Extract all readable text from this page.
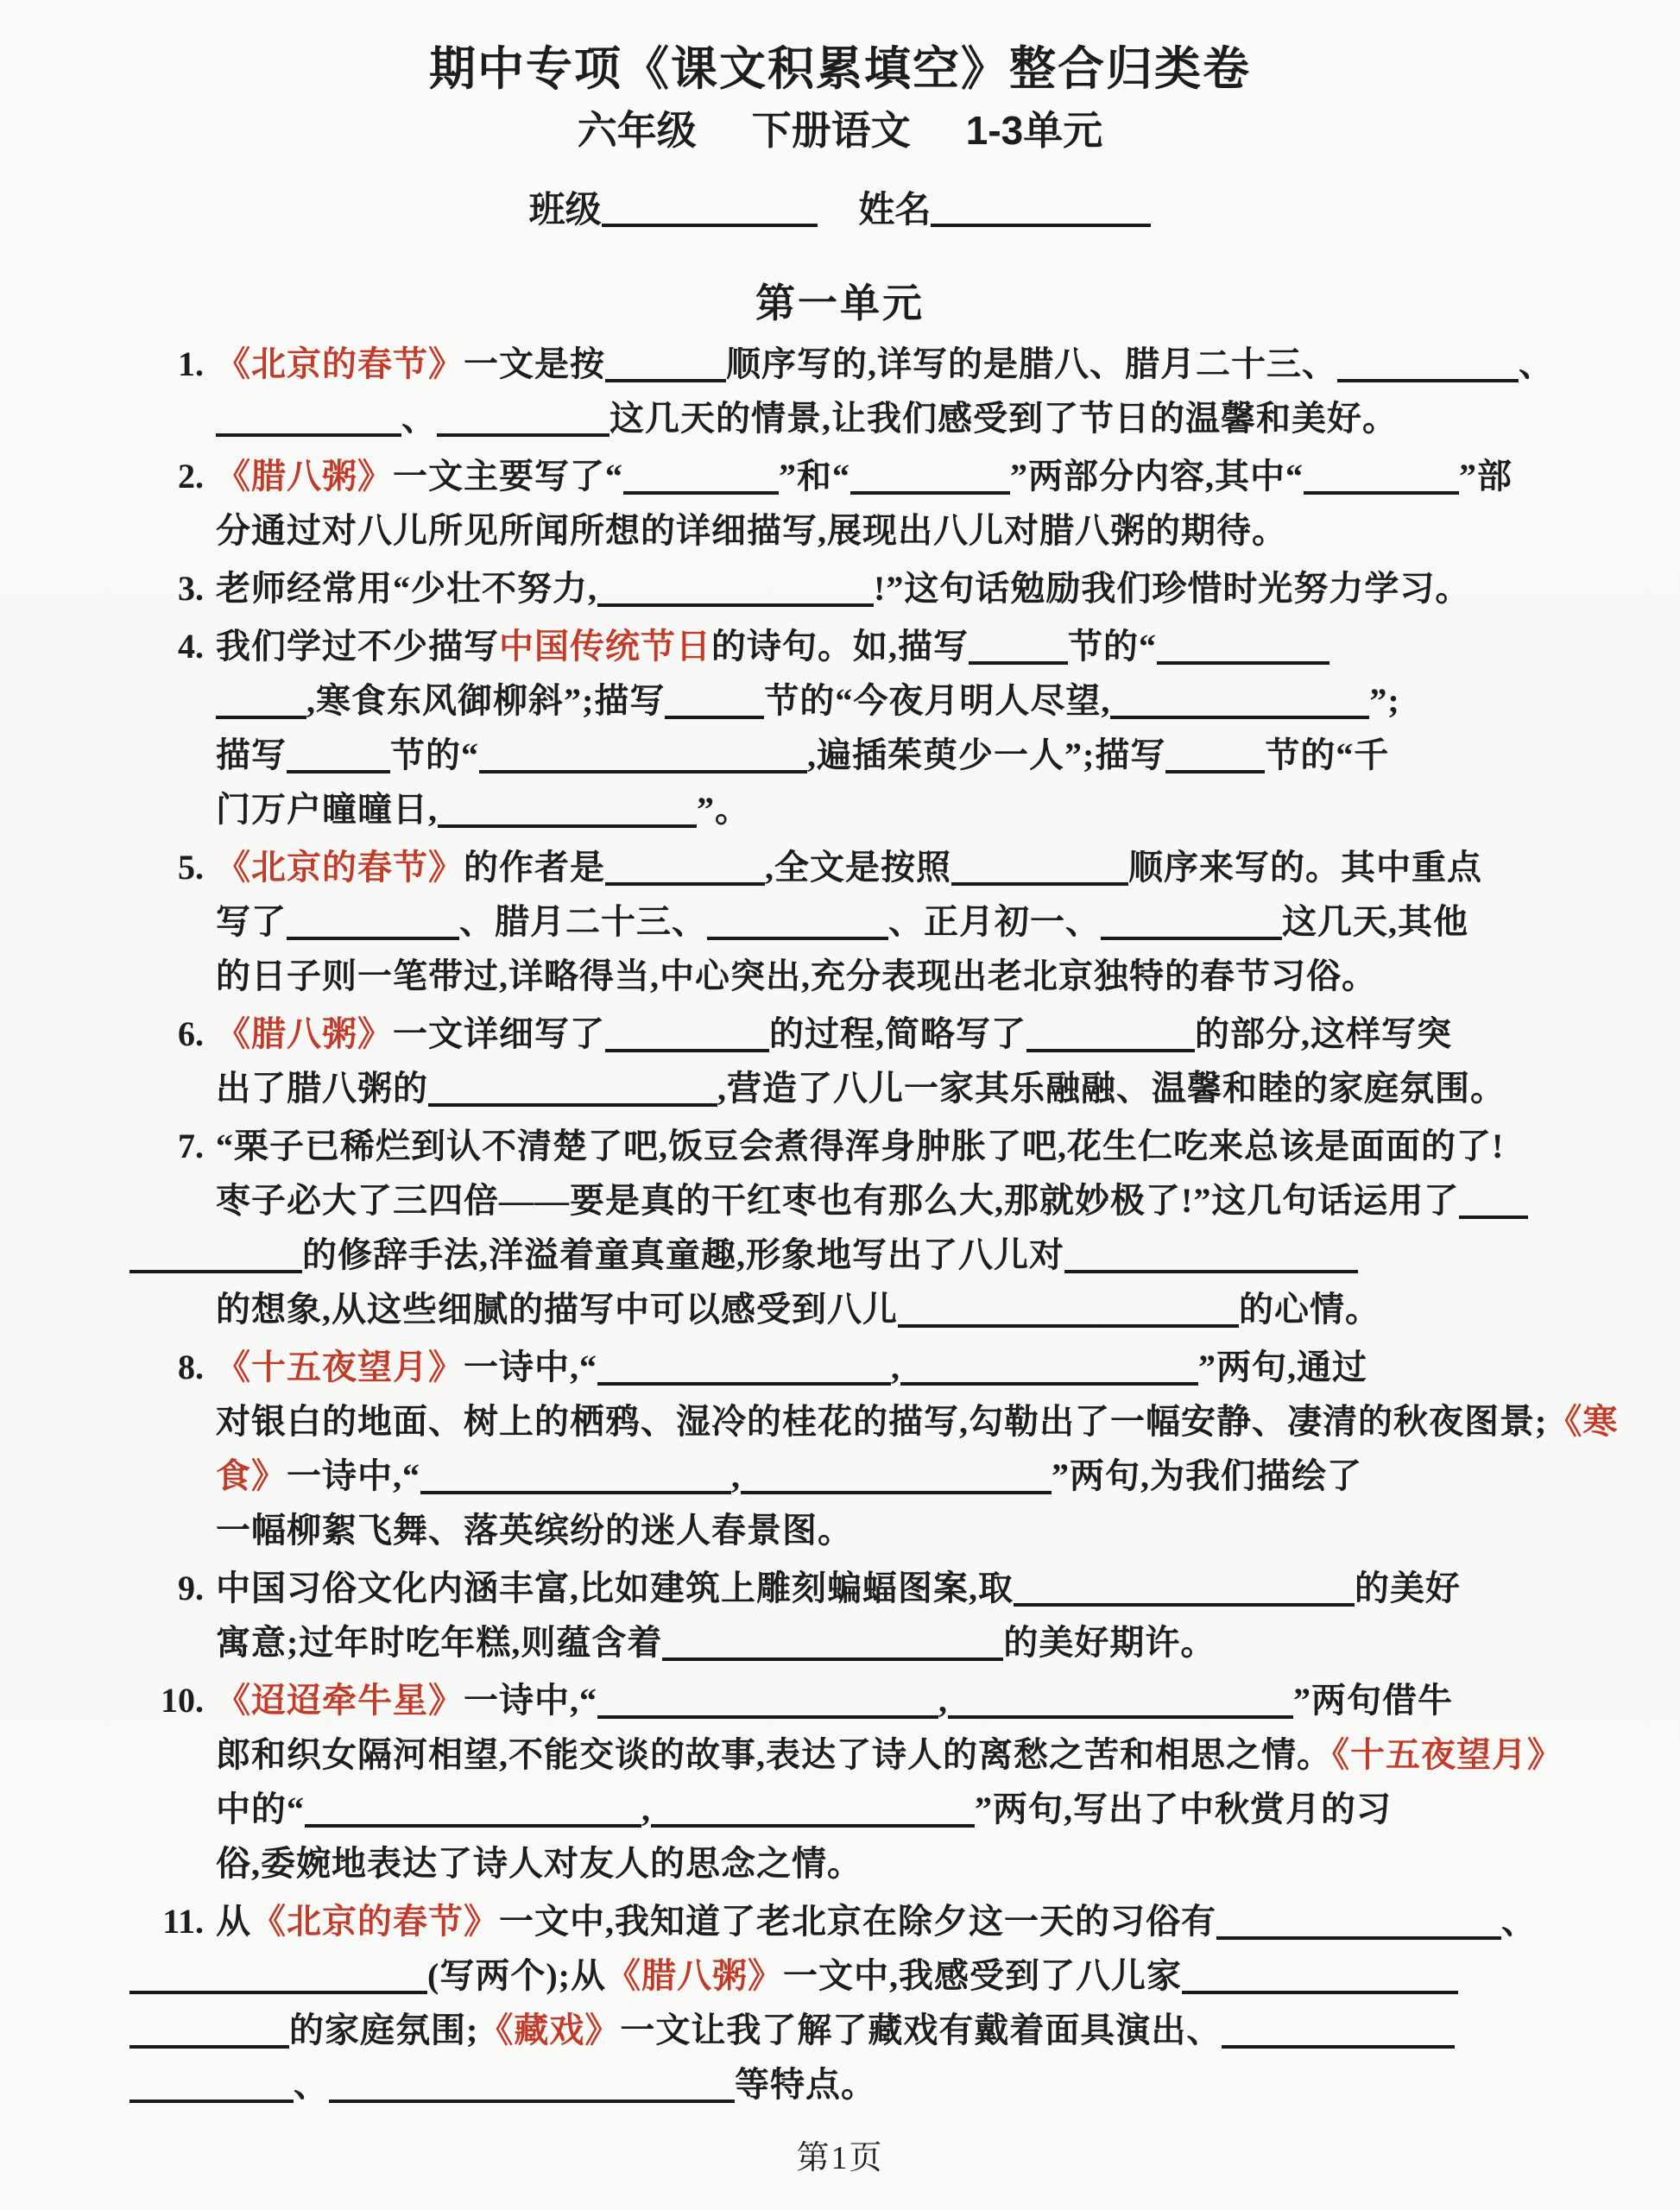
期中专项《课文积累填空》整合归类卷
六年级 下册语文 1-3单元
班级	姓名
第一单元
1. 《北京的春节》一文是按	顺序写的,详写的是腊八、腊月二十三、	、
、	这几天的情景,让我们感受到了节日的温馨和美好。
2. 《腊八粥》一文主要写了“	”和“	”两部分内容,其中“	”部
分通过对八儿所见所闻所想的详细描写,展现出八儿对腊八粥的期待。
3. 老师经常用“少壮不努力,	!”这句话勉励我们珍惜时光努力学习。
4. 我们学过不少描写中国传统节日的诗句。如,描写	节的“
,寒食东风御柳斜”;描写	节的“今夜月明人尽望,	”;
描写	节的“	,遍插茱萸少一人”;描写	节的“千
门万户曈曈日,	”。
5. 《北京的春节》的作者是	,全文是按照	顺序来写的。其中重点
写了	、腊月二十三、	、正月初一、	这几天,其他
的日子则一笔带过,详略得当,中心突出,充分表现出老北京独特的春节习俗。
6. 《腊八粥》一文详细写了	的过程,简略写了	的部分,这样写突
出了腊八粥的	,营造了八儿一家其乐融融、温馨和睦的家庭氛围。
7. “栗子已稀烂到认不清楚了吧,饭豆会煮得浑身肿胀了吧,花生仁吃来总该是面面的了!
枣子必大了三四倍——要是真的干红枣也有那么大,那就妙极了!”这几句话运用了
的修辞手法,洋溢着童真童趣,形象地写出了八儿对
的想象,从这些细腻的描写中可以感受到八儿	的心情。
8. 《十五夜望月》一诗中,“	,	”两句,通过
对银白的地面、树上的栖鸦、湿冷的桂花的描写,勾勒出了一幅安静、凄清的秋夜图景;《寒
食》一诗中,“	,	”两句,为我们描绘了
一幅柳絮飞舞、落英缤纷的迷人春景图。
9. 中国习俗文化内涵丰富,比如建筑上雕刻蝙蝠图案,取	的美好
寓意;过年时吃年糕,则蕴含着	的美好期许。
10. 《迢迢牵牛星》一诗中,“	,	”两句借牛
郎和织女隔河相望,不能交谈的故事,表达了诗人的离愁之苦和相思之情。《十五夜望月》
中的“	,	”两句,写出了中秋赏月的习
俗,委婉地表达了诗人对友人的思念之情。
11. 从《北京的春节》一文中,我知道了老北京在除夕这一天的习俗有	、
(写两个);从《腊八粥》一文中,我感受到了八儿家
的家庭氛围;《藏戏》一文让我了解了藏戏有戴着面具演出、
、	等特点。
第1页
